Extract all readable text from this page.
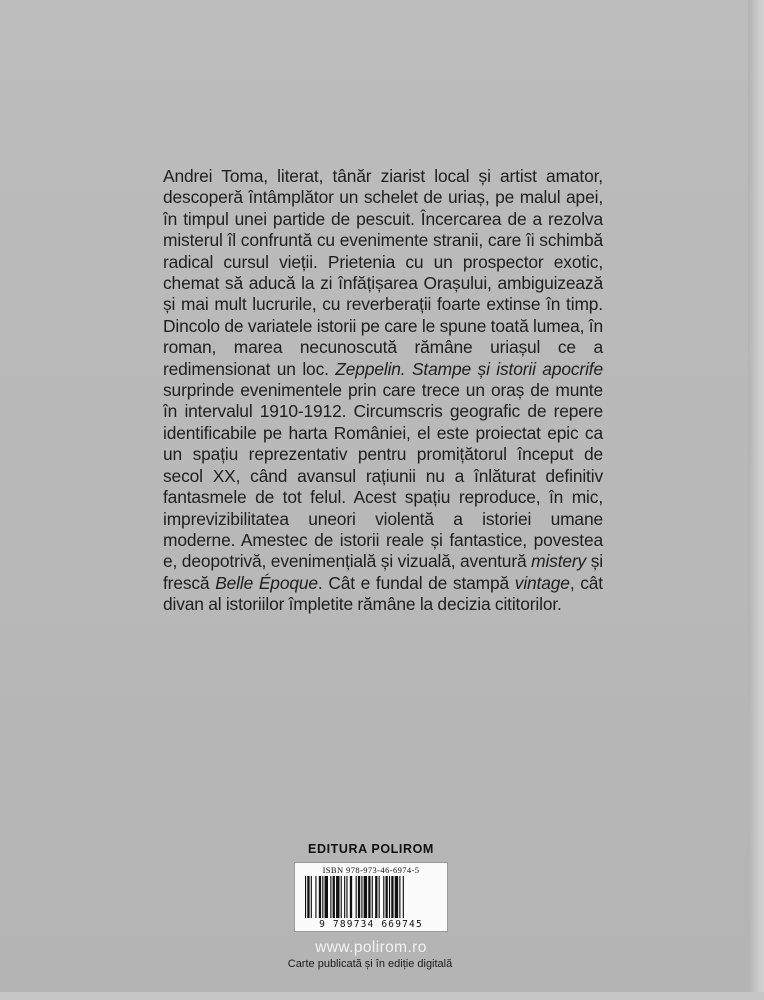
Andrei Toma, literat, tânăr ziarist local și artist amator, descoperă întâmplător un schelet de uriaș, pe malul apei, în timpul unei partide de pescuit. Încercarea de a rezolva misterul îl confruntă cu evenimente stranii, care îi schimbă radical cursul vieții. Prietenia cu un prospector exotic, chemat să aducă la zi înfățișarea Orașului, ambiguizează și mai mult lucrurile, cu reverberații foarte extinse în timp. Dincolo de variatele istorii pe care le spune toată lumea, în roman, marea necunoscută rămâne uriașul ce a redimensionat un loc. Zeppelin. Stampe și istorii apocrife surprinde evenimentele prin care trece un oraș de munte în intervalul 1910-1912. Circumscris geografic de repere identificabile pe harta României, el este proiectat epic ca un spațiu reprezentativ pentru promițătorul început de secol XX, când avansul rațiunii nu a înlăturat definitiv fantasmele de tot felul. Acest spațiu reproduce, în mic, imprevizibilitatea uneori violentă a istoriei umane moderne. Amestec de istorii reale și fantastice, povestea e, deopotrivă, evenimențială și vizuală, aventură mistery și frescă Belle Époque. Cât e fundal de stampă vintage, cât divan al istoriilor împletite rămâne la decizia cititorilor.

EDITURA POLIROM
ISBN 978-973-46-6974-5
9 789734 669745
www.polirom.ro
Carte publicată și în ediție digitală
